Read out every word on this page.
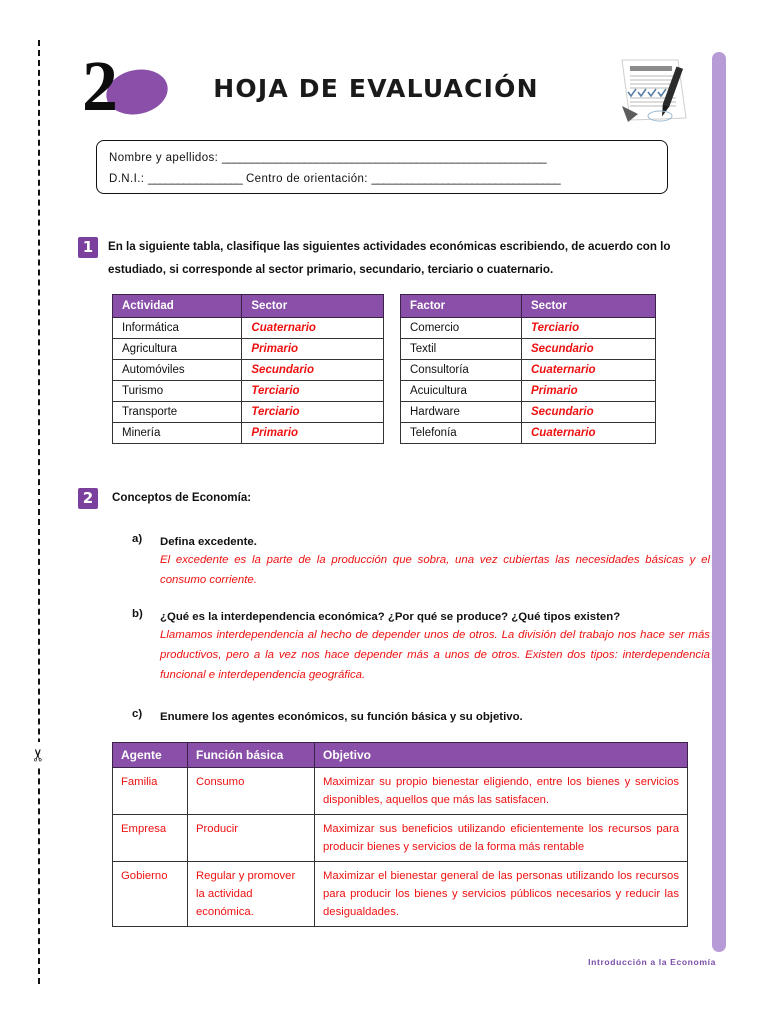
✂
2	HOJA DE EVALUACIÓN
Nombre y apellidos: _______________________________________________________
D.N.I.: ________________ Centro de orientación: ________________________________
1	En la siguiente tabla, clasifique las siguientes actividades económicas escribiendo, de acuerdo con lo estudiado, si corresponde al sector primario, secundario, terciario o cuaternario.
Actividad	Sector
Informática	Cuaternario
Agricultura	Primario
Automóviles	Secundario
Turismo	Terciario
Transporte	Terciario
Minería	Primario
Factor	Sector
Comercio	Terciario
Textil	Secundario
Consultoría	Cuaternario
Acuicultura	Primario
Hardware	Secundario
Telefonía	Cuaternario
2	Conceptos de Economía:
a) Defina excedente.
El excedente es la parte de la producción que sobra, una vez cubiertas las necesidades básicas y el consumo corriente.
b) ¿Qué es la interdependencia económica? ¿Por qué se produce? ¿Qué tipos existen?
Llamamos interdependencia al hecho de depender unos de otros. La división del trabajo nos hace ser más productivos, pero a la vez nos hace depender más a unos de otros. Existen dos tipos: interdependencia funcional e interdependencia geográfica.
c) Enumere los agentes económicos, su función básica y su objetivo.
Agente	Función básica	Objetivo
Familia	Consumo	Maximizar su propio bienestar eligiendo, entre los bienes y servicios disponibles, aquellos que más las satisfacen.
Empresa	Producir	Maximizar sus beneficios utilizando eficientemente los recursos para producir bienes y servicios de la forma más rentable
Gobierno	Regular y promover la actividad económica.	Maximizar el bienestar general de las personas utilizando los recursos para producir los bienes y servicios públicos necesarios y reducir las desigualdades.
Introducción a la Economía
